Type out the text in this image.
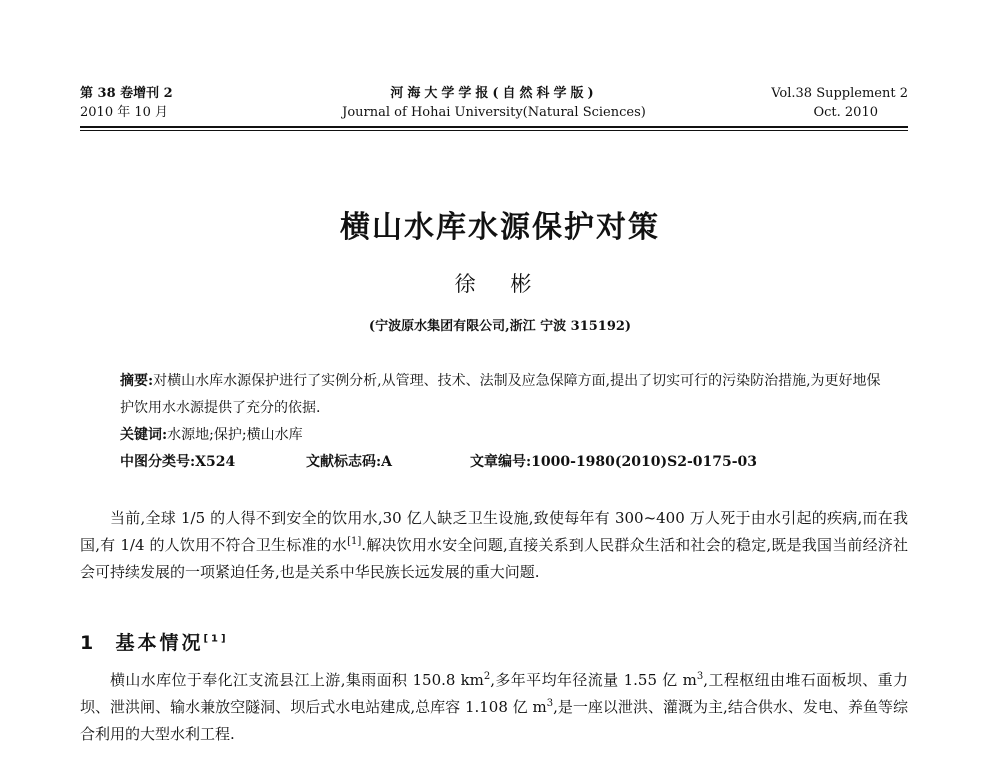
第 38 卷增刊 2
2010 年 10 月
河海大学学报(自然科学版)
Journal of Hohai University(Natural Sciences)
Vol.38 Supplement 2
Oct. 2010
横山水库水源保护对策
徐 彬
(宁波原水集团有限公司,浙江 宁波 315192)

摘要:对横山水库水源保护进行了实例分析,从管理、技术、法制及应急保障方面,提出了切实可行的污染防治措施,为更好地保护饮用水水源提供了充分的依据.

关键词:水源地;保护;横山水库

中图分类号:X524	文献标志码:A	文章编号:1000-1980(2010)S2-0175-03

当前,全球 1/5 的人得不到安全的饮用水,30 亿人缺乏卫生设施,致使每年有 300~400 万人死于由水引起的疾病,而在我国,有 1/4 的人饮用不符合卫生标准的水[1].解决饮用水安全问题,直接关系到人民群众生活和社会的稳定,既是我国当前经济社会可持续发展的一项紧迫任务,也是关系中华民族长远发展的重大问题.

1 基本情况[1]

横山水库位于奉化江支流县江上游,集雨面积 150.8 $km^2$,多年平均年径流量 1.55 亿 $m^3$,工程枢纽由堆石面板坝、重力坝、泄洪闸、输水兼放空隧洞、坝后式水电站建成,总库容 1.108 亿 $m^3$,是一座以泄洪、灌溉为主,结合供水、发电、养鱼等综合利用的大型水利工程.
